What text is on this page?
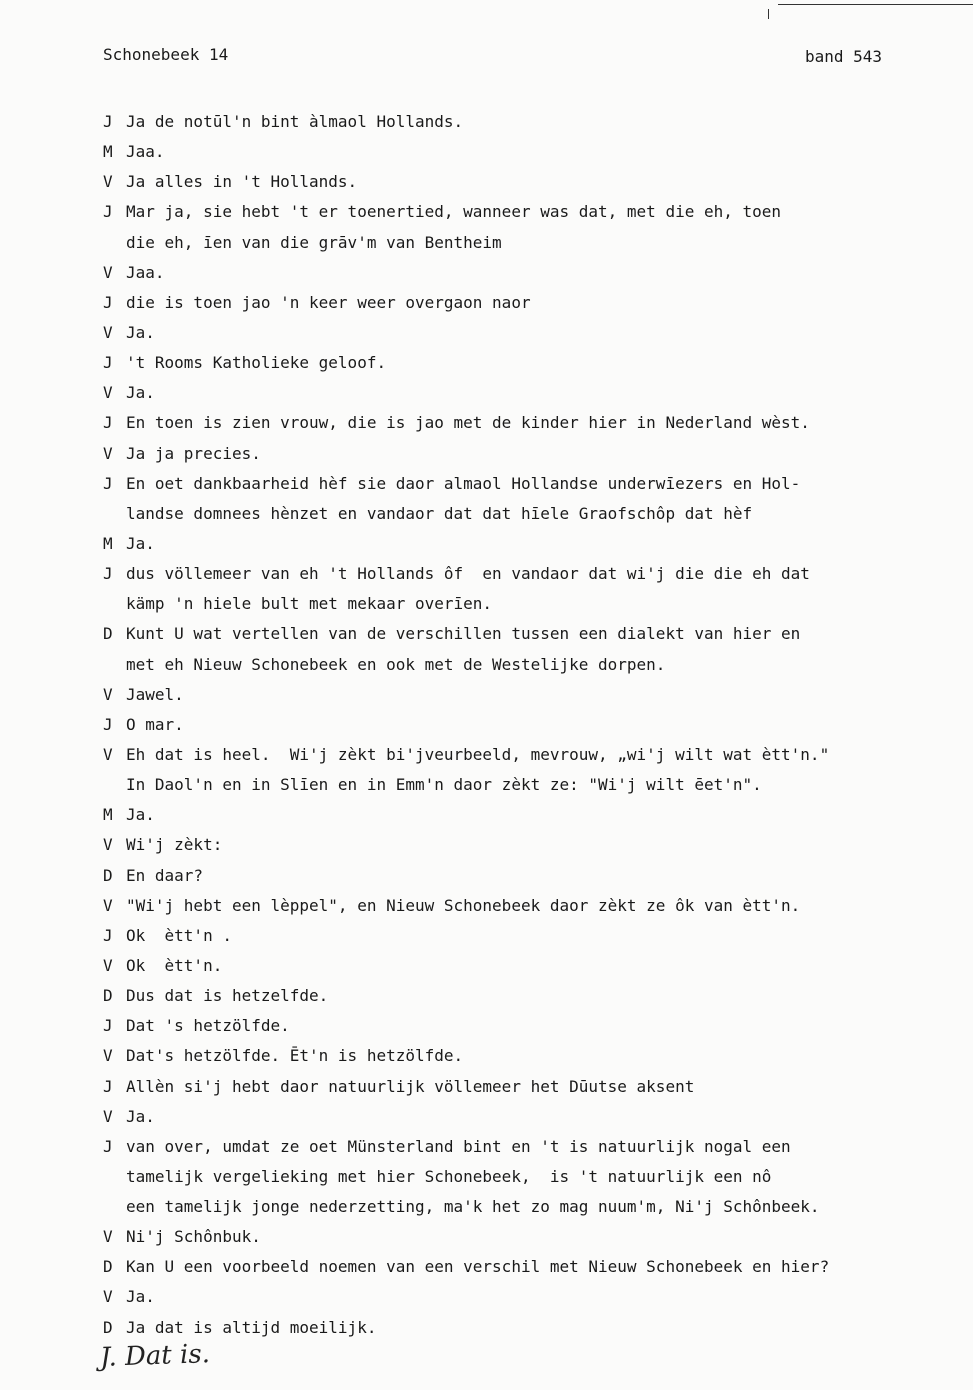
Schonebeek 14	band 543
J Ja de notūl'n bint àlmaol Hollands.
M Jaa.
V Ja alles in 't Hollands.
J Mar ja, sie hebt 't er toenertied, wanneer was dat, met die eh, toen
die eh, īen van die grāv'm van Bentheim
V Jaa.
J die is toen jao 'n keer weer overgaon naor
V Ja.
J 't Rooms Katholieke geloof.
V Ja.
J En toen is zien vrouw, die is jao met de kinder hier in Nederland wèst.
V Ja ja precies.
J En oet dankbaarheid hèf sie daor almaol Hollandse underwīezers en Hol-
landse domnees hènzet en vandaor dat dat hīele Graofschôp dat hèf
M Ja.
J dus völlemeer van eh 't Hollands ôf  en vandaor dat wi'j die die eh dat
kämp 'n hiele bult met mekaar overīen.
D Kunt U wat vertellen van de verschillen tussen een dialekt van hier en
met eh Nieuw Schonebeek en ook met de Westelijke dorpen.
V Jawel.
J O mar.
V Eh dat is heel.  Wi'j zèkt bi'jveurbeeld, mevrouw, „wi'j wilt wat ètt'n."
In Daol'n en in Slīen en in Emm'n daor zèkt ze: "Wi'j wilt ēet'n".
M Ja.
V Wi'j zèkt:
D En daar?
V "Wi'j hebt een lèppel", en Nieuw Schonebeek daor zèkt ze ôk van ètt'n.
J Ok  ètt'n .
V Ok  ètt'n.
D Dus dat is hetzelfde.
J Dat 's hetzölfde.
V Dat's hetzölfde. Ēt'n is hetzölfde.
J Allèn si'j hebt daor natuurlijk völlemeer het Dūutse aksent
V Ja.
J van over, umdat ze oet Münsterland bint en 't is natuurlijk nogal een
tamelijk vergelieking met hier Schonebeek,  is 't natuurlijk een nô
een tamelijk jonge nederzetting, ma'k het zo mag nuum'm, Ni'j Schônbeek.
V Ni'j Schônbuk.
D Kan U een voorbeeld noemen van een verschil met Nieuw Schonebeek en hier?
V Ja.
D Ja dat is altijd moeilijk.
J. Dat is.
